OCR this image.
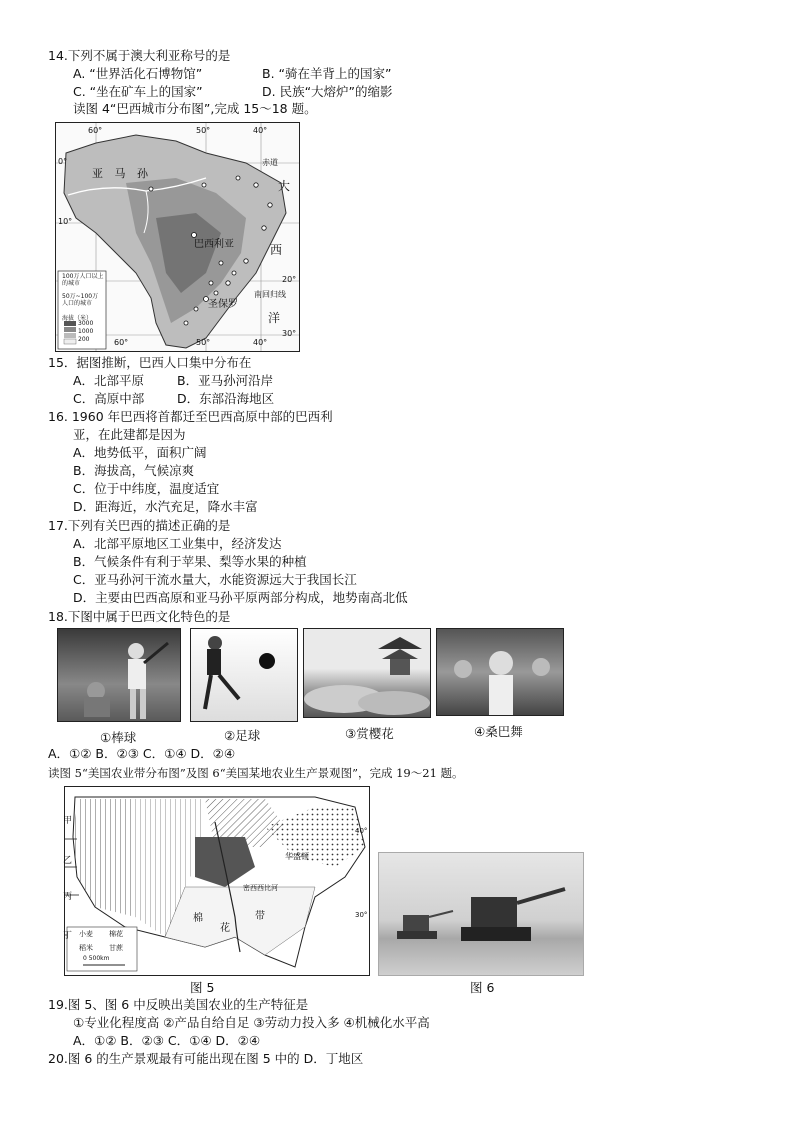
14.下列不属于澳大利亚称号的是
A. “世界活化石博物馆”	B. “骑在羊背上的国家”
C. “坐在矿车上的国家”	D. 民族“大熔炉”的缩影
读图 4“巴西城市分布图”,完成 15～18 题。
60°	50°	40°
60°	50°	40°
0°
10°
20°
30°
亚 马 孙
巴西利亚
圣保罗
赤道
南回归线
大
西
洋
100万人口以上的城市
50万~100万人口的城市
海拔（米）
3000
1000
200
15．据图推断，巴西人口集中分布在
A．北部平原	B．亚马孙河沿岸
C．高原中部	D．东部沿海地区
16. 1960 年巴西将首都迁至巴西高原中部的巴西利
亚，在此建都是因为
A．地势低平，面积广阔
B．海拔高，气候凉爽
C．位于中纬度，温度适宜
D．距海近，水汽充足，降水丰富
17.下列有关巴西的描述正确的是
A．北部平原地区工业集中，经济发达
B．气候条件有利于苹果、梨等水果的种植
C．亚马孙河干流水量大，水能资源远大于我国长江
D．主要由巴西高原和亚马孙平原两部分构成，地势南高北低
18.下图中属于巴西文化特色的是
①棒球	②足球	③赏樱花	④桑巴舞
A．①② B．②③ C．①④ D．②④
读图 5“美国农业带分布图”及图 6“美国某地农业生产景观图”，完成 19～21 题。
甲
乙
丙
丁
华盛顿
密西西比河
棉
花
带
小麦 棉花
稻米 甘蔗
0 500km
40°
30°
图 5	图 6
19.图 5、图 6 中反映出美国农业的生产特征是
①专业化程度高 ②产品自给自足 ③劳动力投入多 ④机械化水平高
A．①② B．②③ C．①④ D．②④
20.图 6 的生产景观最有可能出现在图 5 中的 D．丁地区
